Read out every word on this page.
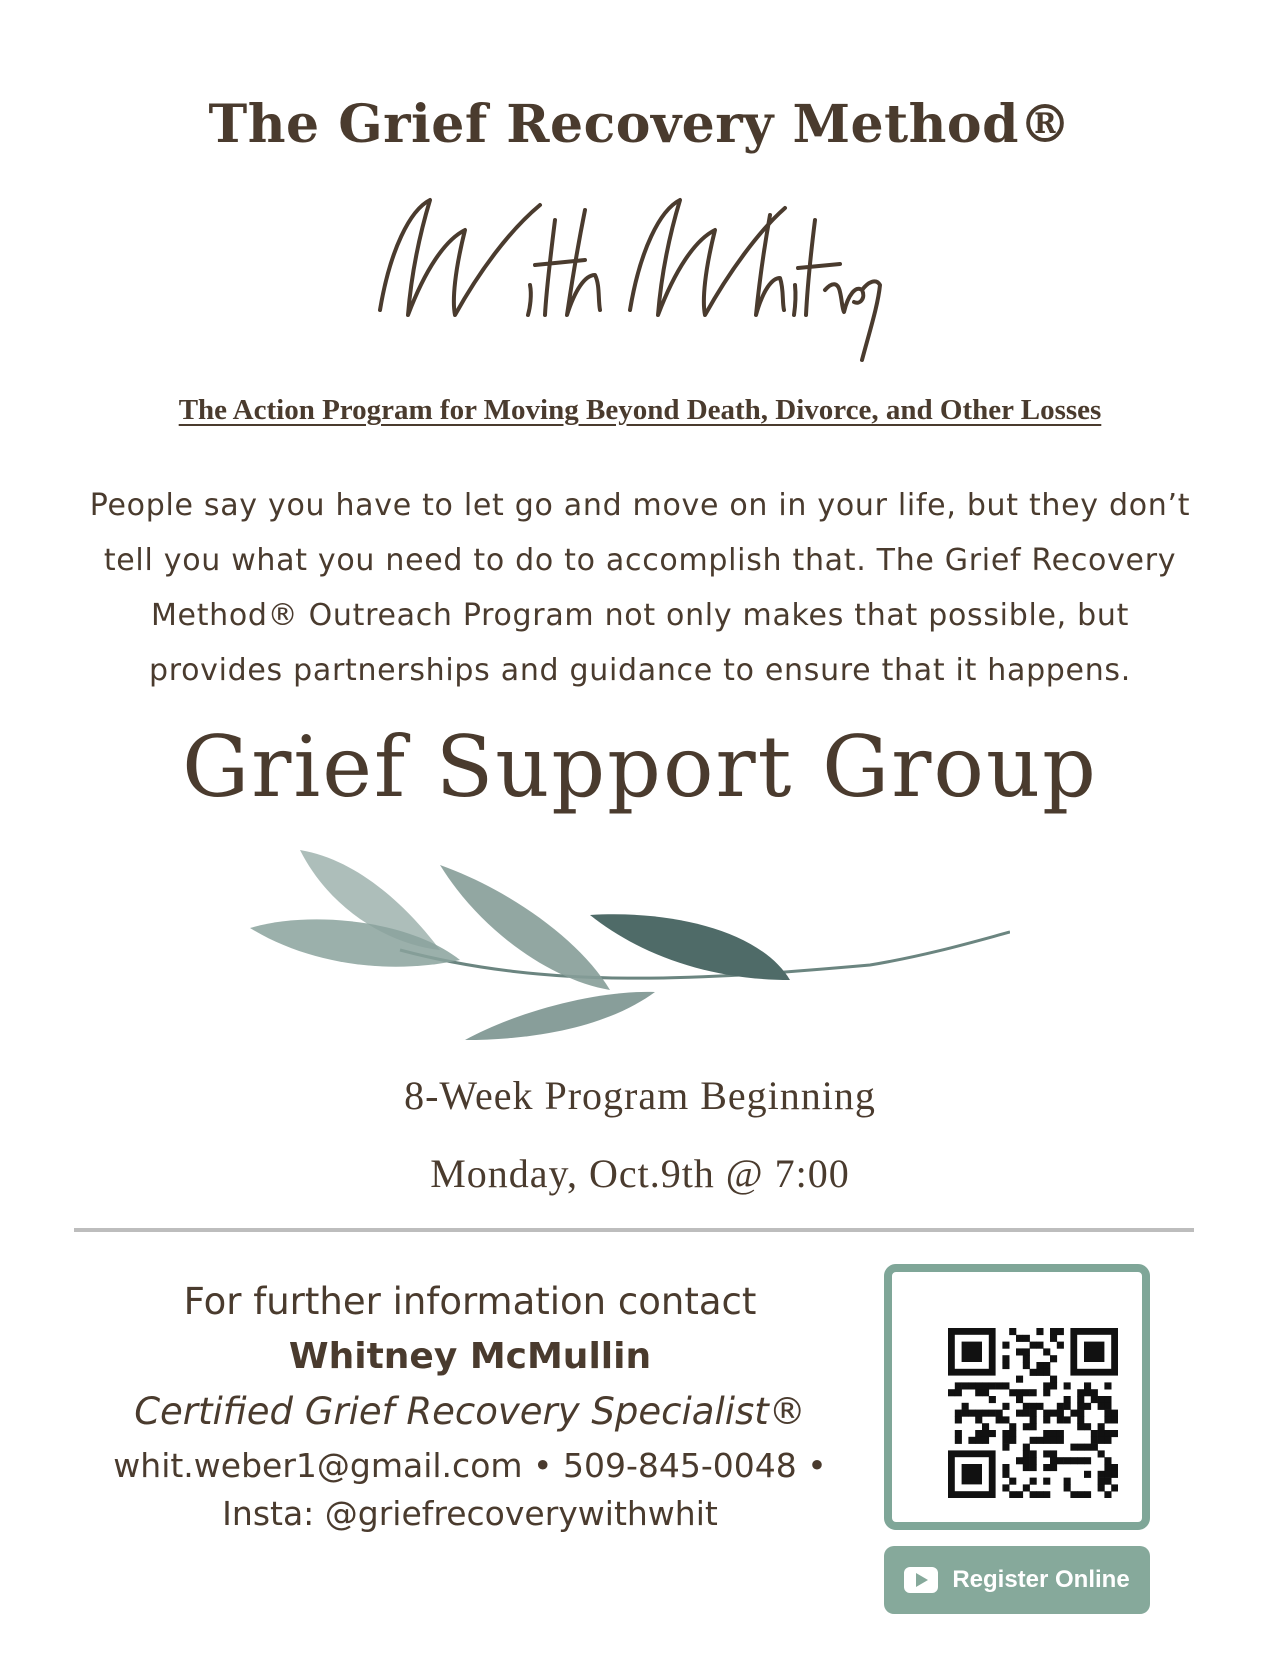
The Grief Recovery Method®
The Action Program for Moving Beyond Death, Divorce, and Other Losses
People say you have to let go and move on in your life, but they don’t tell you what you need to do to accomplish that. The Grief Recovery Method® Outreach Program not only makes that possible, but provides partnerships and guidance to ensure that it happens.
Grief Support Group
8-Week Program Beginning
Monday, Oct.9th @ 7:00
For further information contact
Whitney McMullin
Certified Grief Recovery Specialist®
whit.weber1@gmail.com • 509-845-0048 •
Insta: @griefrecoverywithwhit
Register Online
